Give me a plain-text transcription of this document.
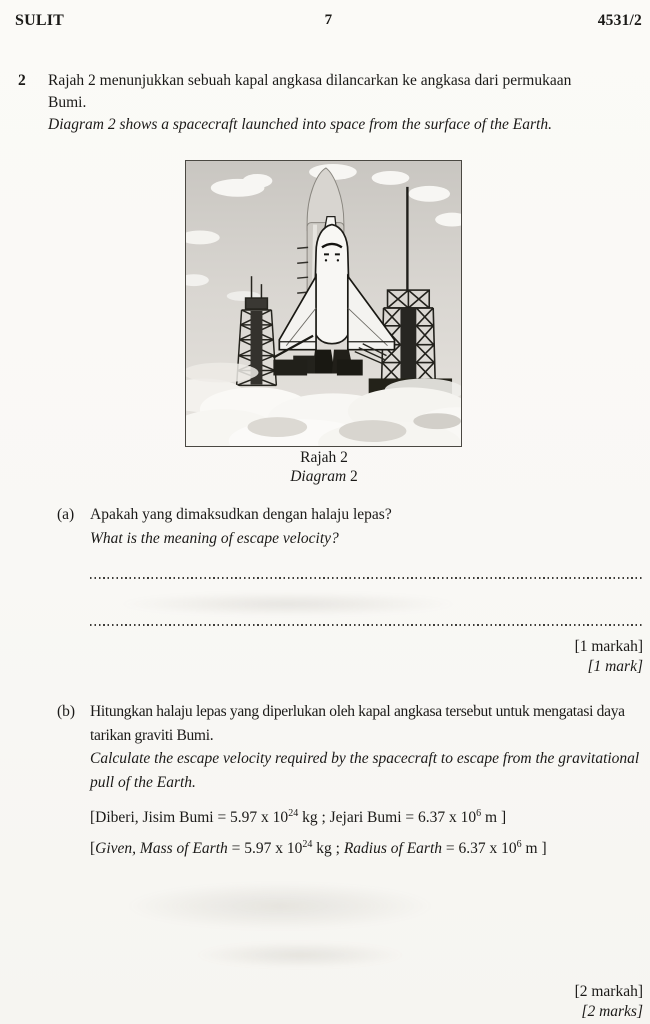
SULIT	7	4531/2
2	Rajah 2 menunjukkan sebuah kapal angkasa dilancarkan ke angkasa dari permukaan Bumi.

Diagram 2 shows a spacecraft launched into space from the surface of the Earth.

Rajah 2
Diagram 2
(a)	Apakah yang dimaksudkan dengan halaju lepas?

What is the meaning of escape velocity?

[1 markah]
[1 mark]
(b) Hitungkan halaju lepas yang diperlukan oleh kapal angkasa tersebut untuk mengatasi daya tarikan graviti Bumi.

Calculate the escape velocity required by the spacecraft to escape from the gravitational pull of the Earth.

[Diberi, Jisim Bumi = 5.97 x $10^{24}$ kg ; Jejari Bumi = 6.37 x $10^6$ m ]

[Given, Mass of Earth = 5.97 x $10^{24}$ kg ; Radius of Earth = 6.37 x $10^6$ m ]

[2 markah]
[2 marks]
